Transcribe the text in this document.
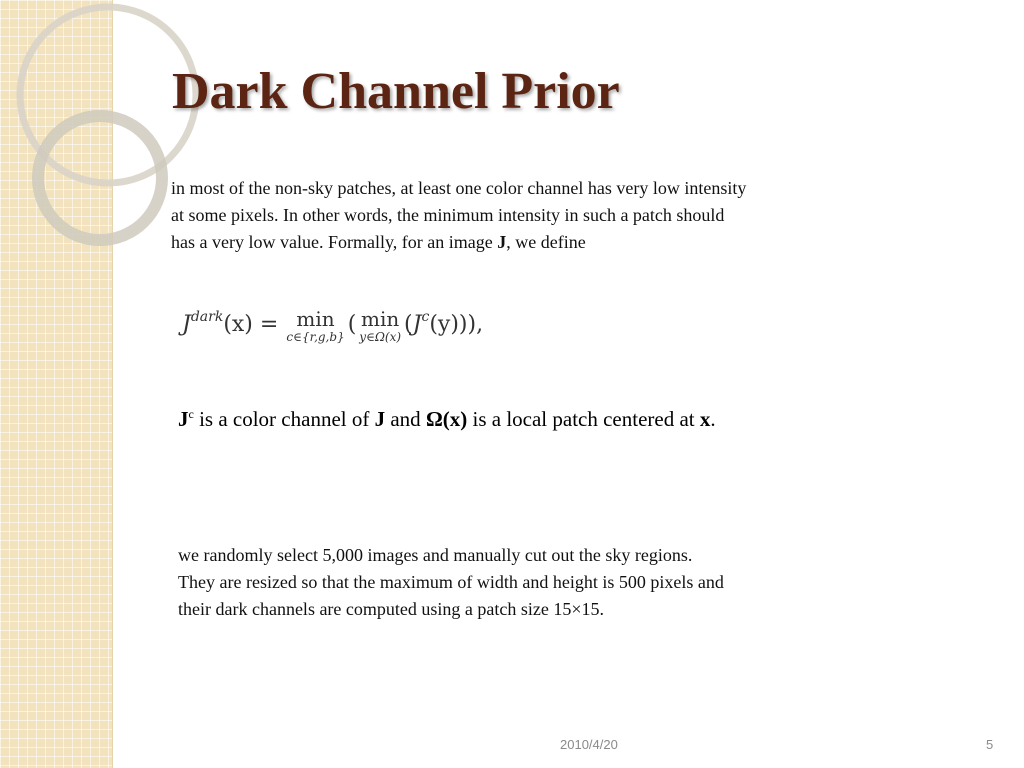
Dark Channel Prior
in most of the non-sky patches, at least one color channel has very low intensity
at some pixels. In other words, the minimum intensity in such a patch should
has a very low value. Formally, for an image J, we define
Jdark(x) = min
c∈{r,g,b} ( min
y∈Ω(x) (Jc(y))),
$J^c$ is a color channel of J and Ω(x) is a local patch centered at x.
we randomly select 5,000 images and manually cut out the sky regions.
They are resized so that the maximum of width and height is 500 pixels and
their dark channels are computed using a patch size 15×15.
2010/4/20	5
